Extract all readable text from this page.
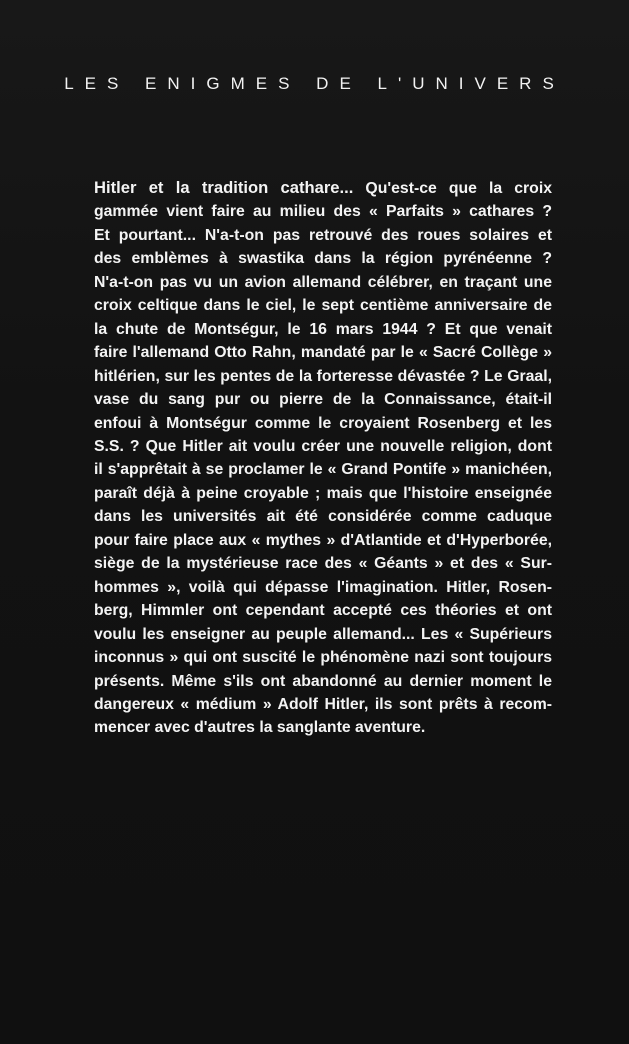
LES ENIGMES DE L'UNIVERS
Hitler et la tradition cathare... Qu'est-ce que la croix
gammée vient faire au milieu des « Parfaits » cathares ?
Et pourtant... N'a-t-on pas retrouvé des roues solaires et
des emblèmes à swastika dans la région pyrénéenne ?
N'a-t-on pas vu un avion allemand célébrer, en traçant une
croix celtique dans le ciel, le sept centième anniversaire de
la chute de Montségur, le 16 mars 1944 ? Et que venait
faire l'allemand Otto Rahn, mandaté par le « Sacré Collège »
hitlérien, sur les pentes de la forteresse dévastée ? Le Graal,
vase du sang pur ou pierre de la Connaissance, était-il
enfoui à Montségur comme le croyaient Rosenberg et les
S.S. ? Que Hitler ait voulu créer une nouvelle religion, dont
il s'apprêtait à se proclamer le « Grand Pontife » manichéen,
paraît déjà à peine croyable ; mais que l'histoire enseignée
dans les universités ait été considérée comme caduque
pour faire place aux « mythes » d'Atlantide et d'Hyperborée,
siège de la mystérieuse race des « Géants » et des « Sur-
hommes », voilà qui dépasse l'imagination. Hitler, Rosen-
berg, Himmler ont cependant accepté ces théories et ont
voulu les enseigner au peuple allemand... Les « Supérieurs
inconnus » qui ont suscité le phénomène nazi sont toujours
présents. Même s'ils ont abandonné au dernier moment le
dangereux « médium » Adolf Hitler, ils sont prêts à recom-
mencer avec d'autres la sanglante aventure.
